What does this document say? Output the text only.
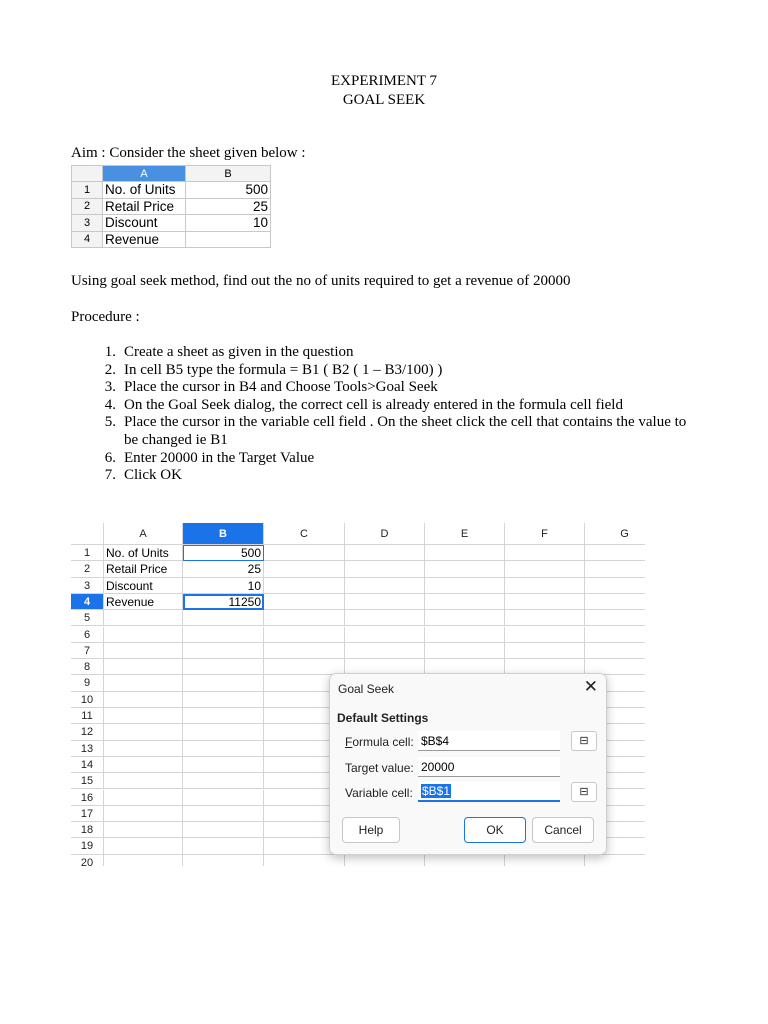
EXPERIMENT 7
GOAL SEEK
Aim : Consider the sheet given below :
	A	B
1	No. of Units	500
2	Retail Price	25
3	Discount	10
4	Revenue	
Using goal seek method, find out the no of units required to get a revenue of 20000
Procedure :
1. Create a sheet as given in the question
2. In cell B5 type the formula = B1 ( B2 ( 1 – B3/100) )
3. Place the cursor in B4 and Choose Tools>Goal Seek
4. On the Goal Seek dialog, the correct cell is already entered in the formula cell field
5. Place the cursor in the variable cell field . On the sheet click the cell that contains the value to be changed ie B1
6. Enter 20000 in the Target Value
7. Click OK
A	B	C	D	E	F	G
1	No. of Units	500
2	Retail Price	25
3	Discount	10
4	Revenue	11250
5
6
7
8
9
10
11
12
13
14
15
16
17
18
19
20
Goal Seek	✕
Default Settings
Formula cell:
$B$4	⊟
Target value:
20000
Variable cell: $B$1	⊟
Help	OK	Cancel
